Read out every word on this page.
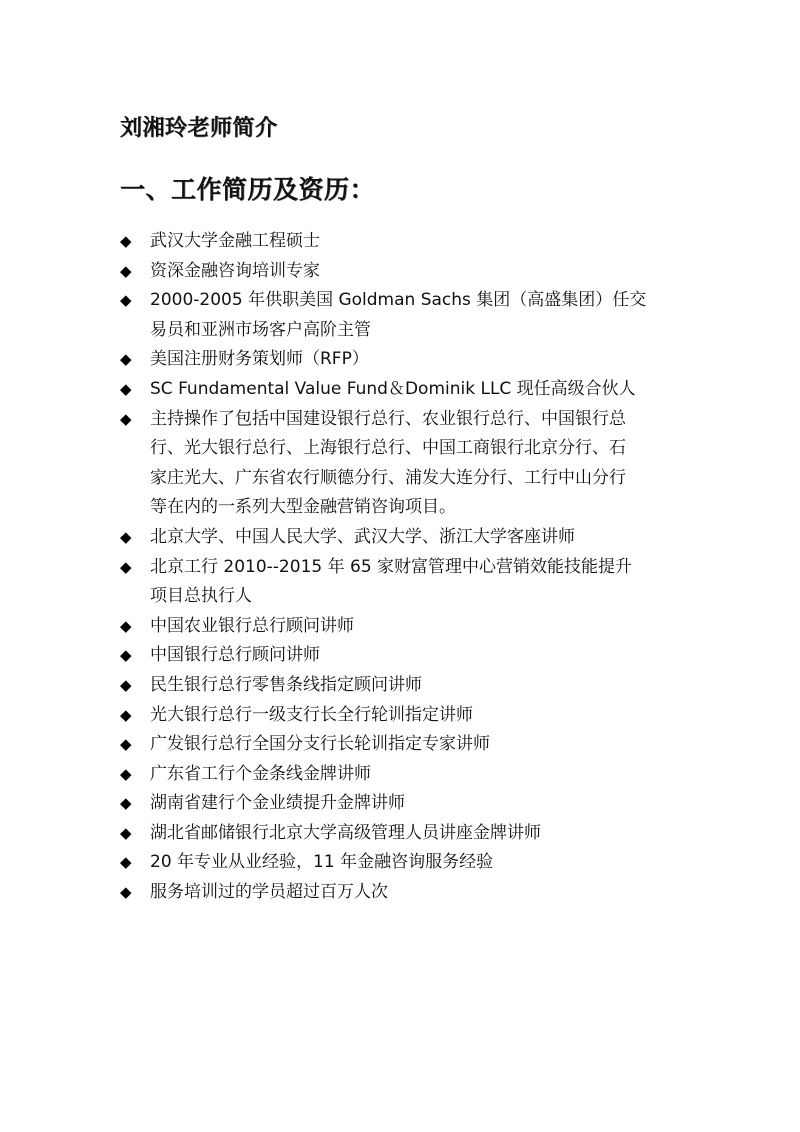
刘湘玲老师简介
一、工作简历及资历：
◆	武汉大学金融工程硕士
◆	资深金融咨询培训专家
◆	2000-2005 年供职美国 Goldman Sachs 集团（高盛集团）任交
易员和亚洲市场客户高阶主管
◆	美国注册财务策划师（RFP）
◆	SC Fundamental Value Fund＆Dominik LLC 现任高级合伙人
◆	主持操作了包括中国建设银行总行、农业银行总行、中国银行总
行、光大银行总行、上海银行总行、中国工商银行北京分行、石
家庄光大、广东省农行顺德分行、浦发大连分行、工行中山分行
等在内的一系列大型金融营销咨询项目。
◆	北京大学、中国人民大学、武汉大学、浙江大学客座讲师
◆	北京工行 2010--2015 年 65 家财富管理中心营销效能技能提升
项目总执行人
◆	中国农业银行总行顾问讲师
◆	中国银行总行顾问讲师
◆	民生银行总行零售条线指定顾问讲师
◆	光大银行总行一级支行长全行轮训指定讲师
◆	广发银行总行全国分支行长轮训指定专家讲师
◆	广东省工行个金条线金牌讲师
◆	湖南省建行个金业绩提升金牌讲师
◆	湖北省邮储银行北京大学高级管理人员讲座金牌讲师
◆	20 年专业从业经验，11 年金融咨询服务经验
◆	服务培训过的学员超过百万人次
